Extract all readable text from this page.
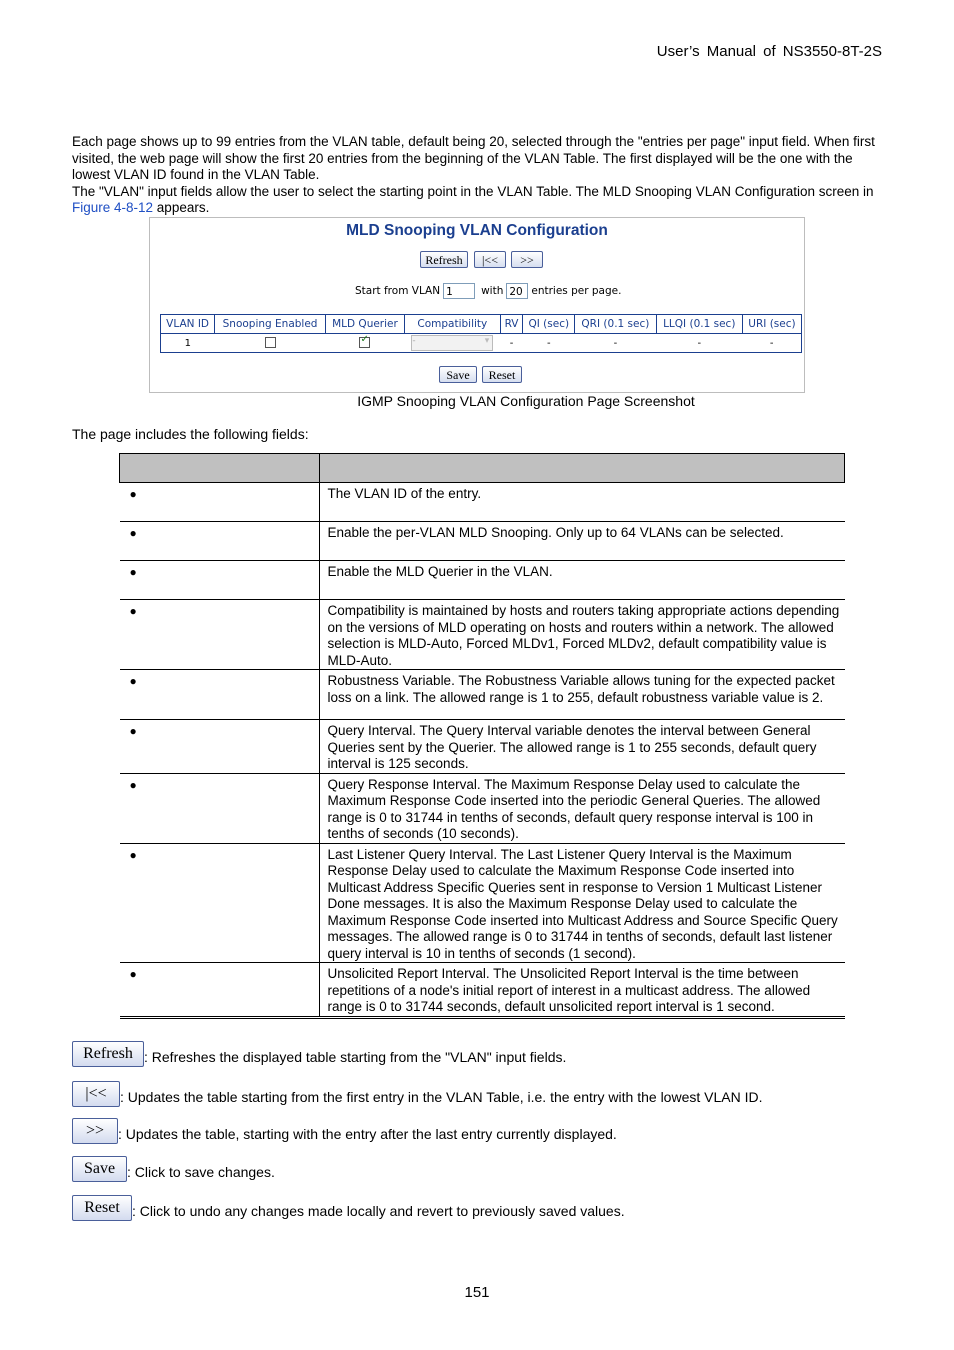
User’s Manual of NS3550-8T-2S

Each page shows up to 99 entries from the VLAN table, default being 20, selected through the "entries per page" input field. When first visited, the web page will show the first 20 entries from the beginning of the VLAN Table. The first displayed will be the one with the lowest VLAN ID found in the VLAN Table.

The "VLAN" input fields allow the user to select the starting point in the VLAN Table. The MLD Snooping VLAN Configuration screen in Figure 4-8-12 appears.

MLD Snooping VLAN Configuration
Refresh	|<<	>>
Start from VLAN 1	with 20 entries per page.
VLAN ID	Snooping Enabled	MLD Querier	Compatibility	RV	QI (sec)	QRI (0.1 sec)	LLQI (0.1 sec)	URI (sec)
1		✓	- ▾	-	-	-	-	-
Save	Reset
IGMP Snooping VLAN Configuration Page Screenshot
The page includes the following fields:

●	The VLAN ID of the entry.
●	Enable the per-VLAN MLD Snooping. Only up to 64 VLANs can be selected.
●	Enable the MLD Querier in the VLAN.
●	Compatibility is maintained by hosts and routers taking appropriate actions depending on the versions of MLD operating on hosts and routers within a network. The allowed selection is MLD-Auto, Forced MLDv1, Forced MLDv2, default compatibility value is MLD-Auto.
●	Robustness Variable. The Robustness Variable allows tuning for the expected packet loss on a link. The allowed range is 1 to 255, default robustness variable value is 2.
●	Query Interval. The Query Interval variable denotes the interval between General Queries sent by the Querier. The allowed range is 1 to 255 seconds, default query interval is 125 seconds.
●	Query Response Interval. The Maximum Response Delay used to calculate the Maximum Response Code inserted into the periodic General Queries. The allowed range is 0 to 31744 in tenths of seconds, default query response interval is 100 in tenths of seconds (10 seconds).
●	Last Listener Query Interval. The Last Listener Query Interval is the Maximum Response Delay used to calculate the Maximum Response Code inserted into Multicast Address Specific Queries sent in response to Version 1 Multicast Listener Done messages. It is also the Maximum Response Delay used to calculate the Maximum Response Code inserted into Multicast Address and Source Specific Query messages. The allowed range is 0 to 31744 in tenths of seconds, default last listener query interval is 10 in tenths of seconds (1 second).
●	Unsolicited Report Interval. The Unsolicited Report Interval is the time between repetitions of a node's initial report of interest in a multicast address. The allowed range is 0 to 31744 seconds, default unsolicited report interval is 1 second.
Refresh : Refreshes the displayed table starting from the "VLAN" input fields.
|<< : Updates the table starting from the first entry in the VLAN Table, i.e. the entry with the lowest VLAN ID.
>> : Updates the table, starting with the entry after the last entry currently displayed.
Save : Click to save changes.
Reset : Click to undo any changes made locally and revert to previously saved values.
151
